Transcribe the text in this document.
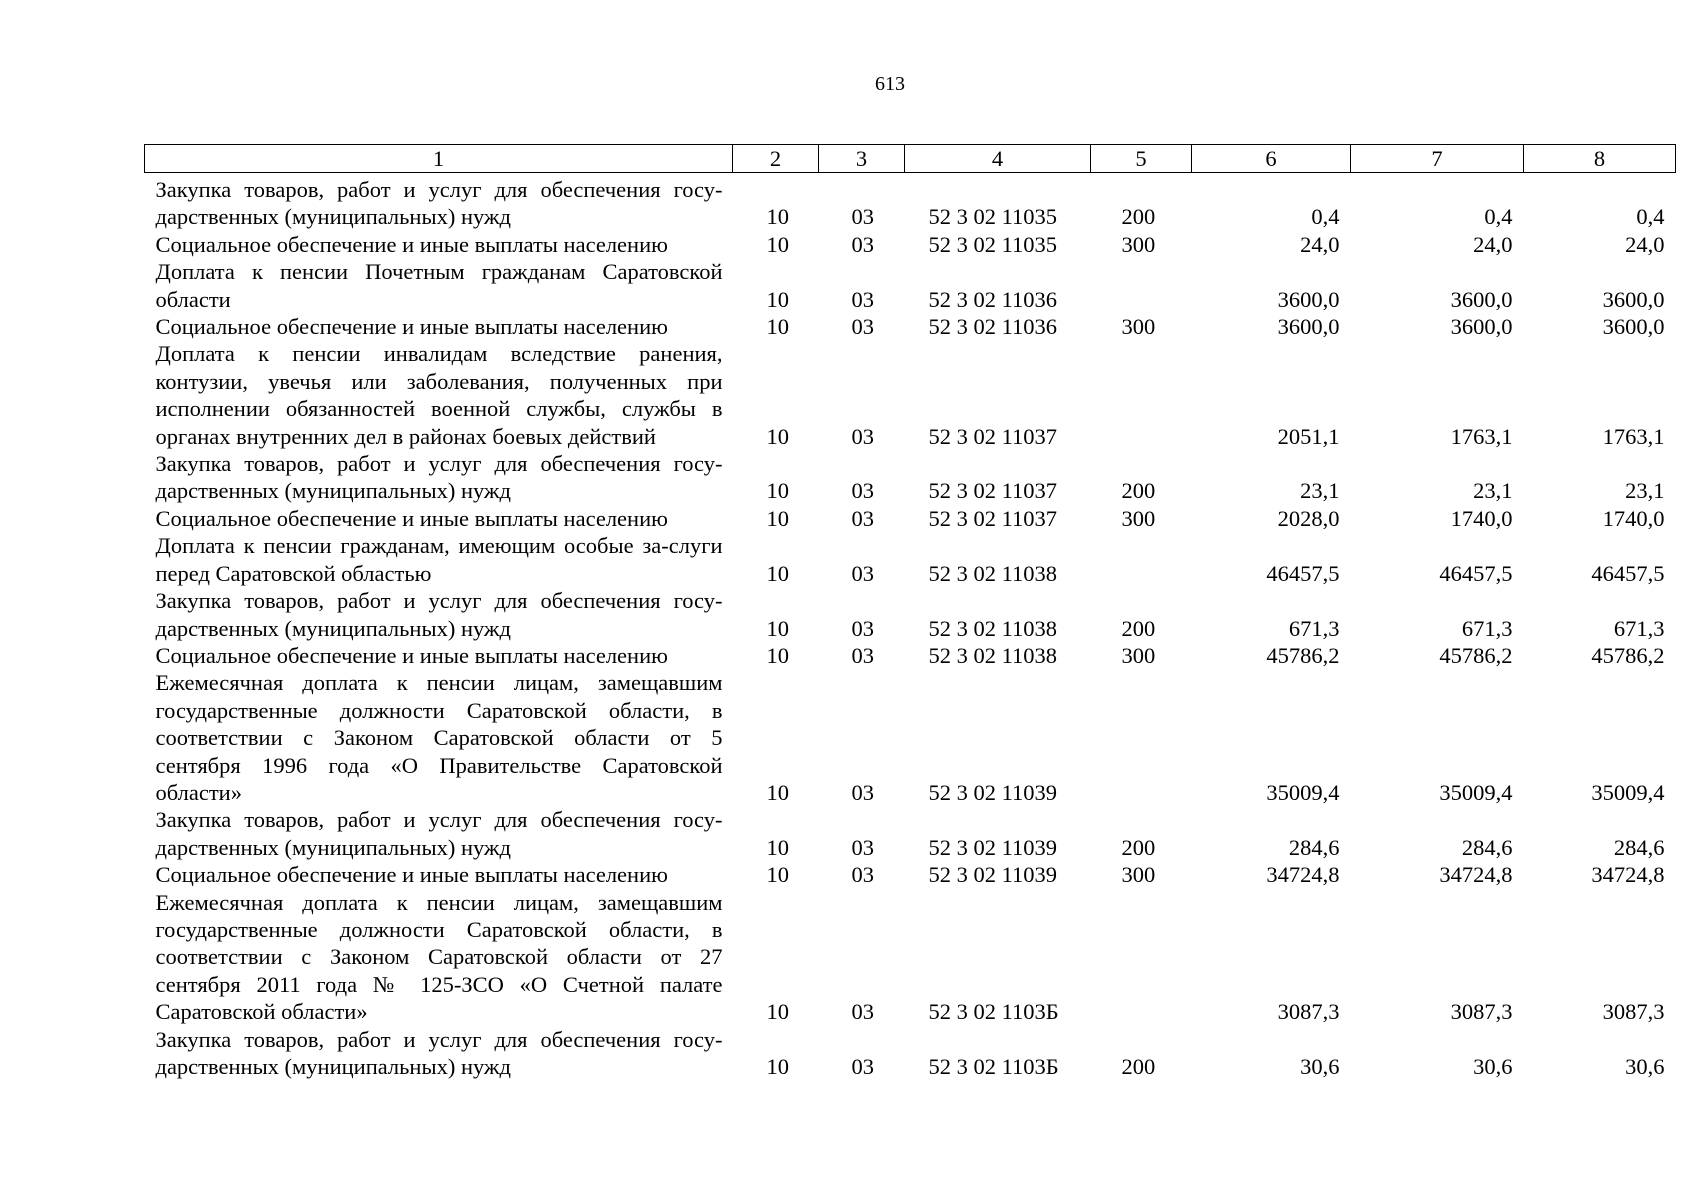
613
1	2	3	4	5	6	7	8
Закупка товаров, работ и услуг для обеспечения госу-дарственных (муниципальных) нужд	10	03	52 3 02 11035	200	0,4	0,4	0,4
Социальное обеспечение и иные выплаты населению	10	03	52 3 02 11035	300	24,0	24,0	24,0
Доплата к пенсии Почетным гражданам Саратовской области	10	03	52 3 02 11036		3600,0	3600,0	3600,0
Социальное обеспечение и иные выплаты населению	10	03	52 3 02 11036	300	3600,0	3600,0	3600,0
Доплата к пенсии инвалидам вследствие ранения, контузии, увечья или заболевания, полученных при исполнении обязанностей военной службы, службы в органах внутренних дел в районах боевых действий	10	03	52 3 02 11037		2051,1	1763,1	1763,1
Закупка товаров, работ и услуг для обеспечения госу-дарственных (муниципальных) нужд	10	03	52 3 02 11037	200	23,1	23,1	23,1
Социальное обеспечение и иные выплаты населению	10	03	52 3 02 11037	300	2028,0	1740,0	1740,0
Доплата к пенсии гражданам, имеющим особые за-слуги перед Саратовской областью	10	03	52 3 02 11038		46457,5	46457,5	46457,5
Закупка товаров, работ и услуг для обеспечения госу-дарственных (муниципальных) нужд	10	03	52 3 02 11038	200	671,3	671,3	671,3
Социальное обеспечение и иные выплаты населению	10	03	52 3 02 11038	300	45786,2	45786,2	45786,2
Ежемесячная доплата к пенсии лицам, замещавшим государственные должности Саратовской области, в соответствии с Законом Саратовской области от 5 сентября 1996 года «О Правительстве Саратовской области»	10	03	52 3 02 11039		35009,4	35009,4	35009,4
Закупка товаров, работ и услуг для обеспечения госу-дарственных (муниципальных) нужд	10	03	52 3 02 11039	200	284,6	284,6	284,6
Социальное обеспечение и иные выплаты населению	10	03	52 3 02 11039	300	34724,8	34724,8	34724,8
Ежемесячная доплата к пенсии лицам, замещавшим государственные должности Саратовской области, в соответствии с Законом Саратовской области от 27 сентября 2011 года № 125-ЗСО «О Счетной палате Саратовской области»	10	03	52 3 02 1103Б		3087,3	3087,3	3087,3
Закупка товаров, работ и услуг для обеспечения госу-дарственных (муниципальных) нужд	10	03	52 3 02 1103Б	200	30,6	30,6	30,6
